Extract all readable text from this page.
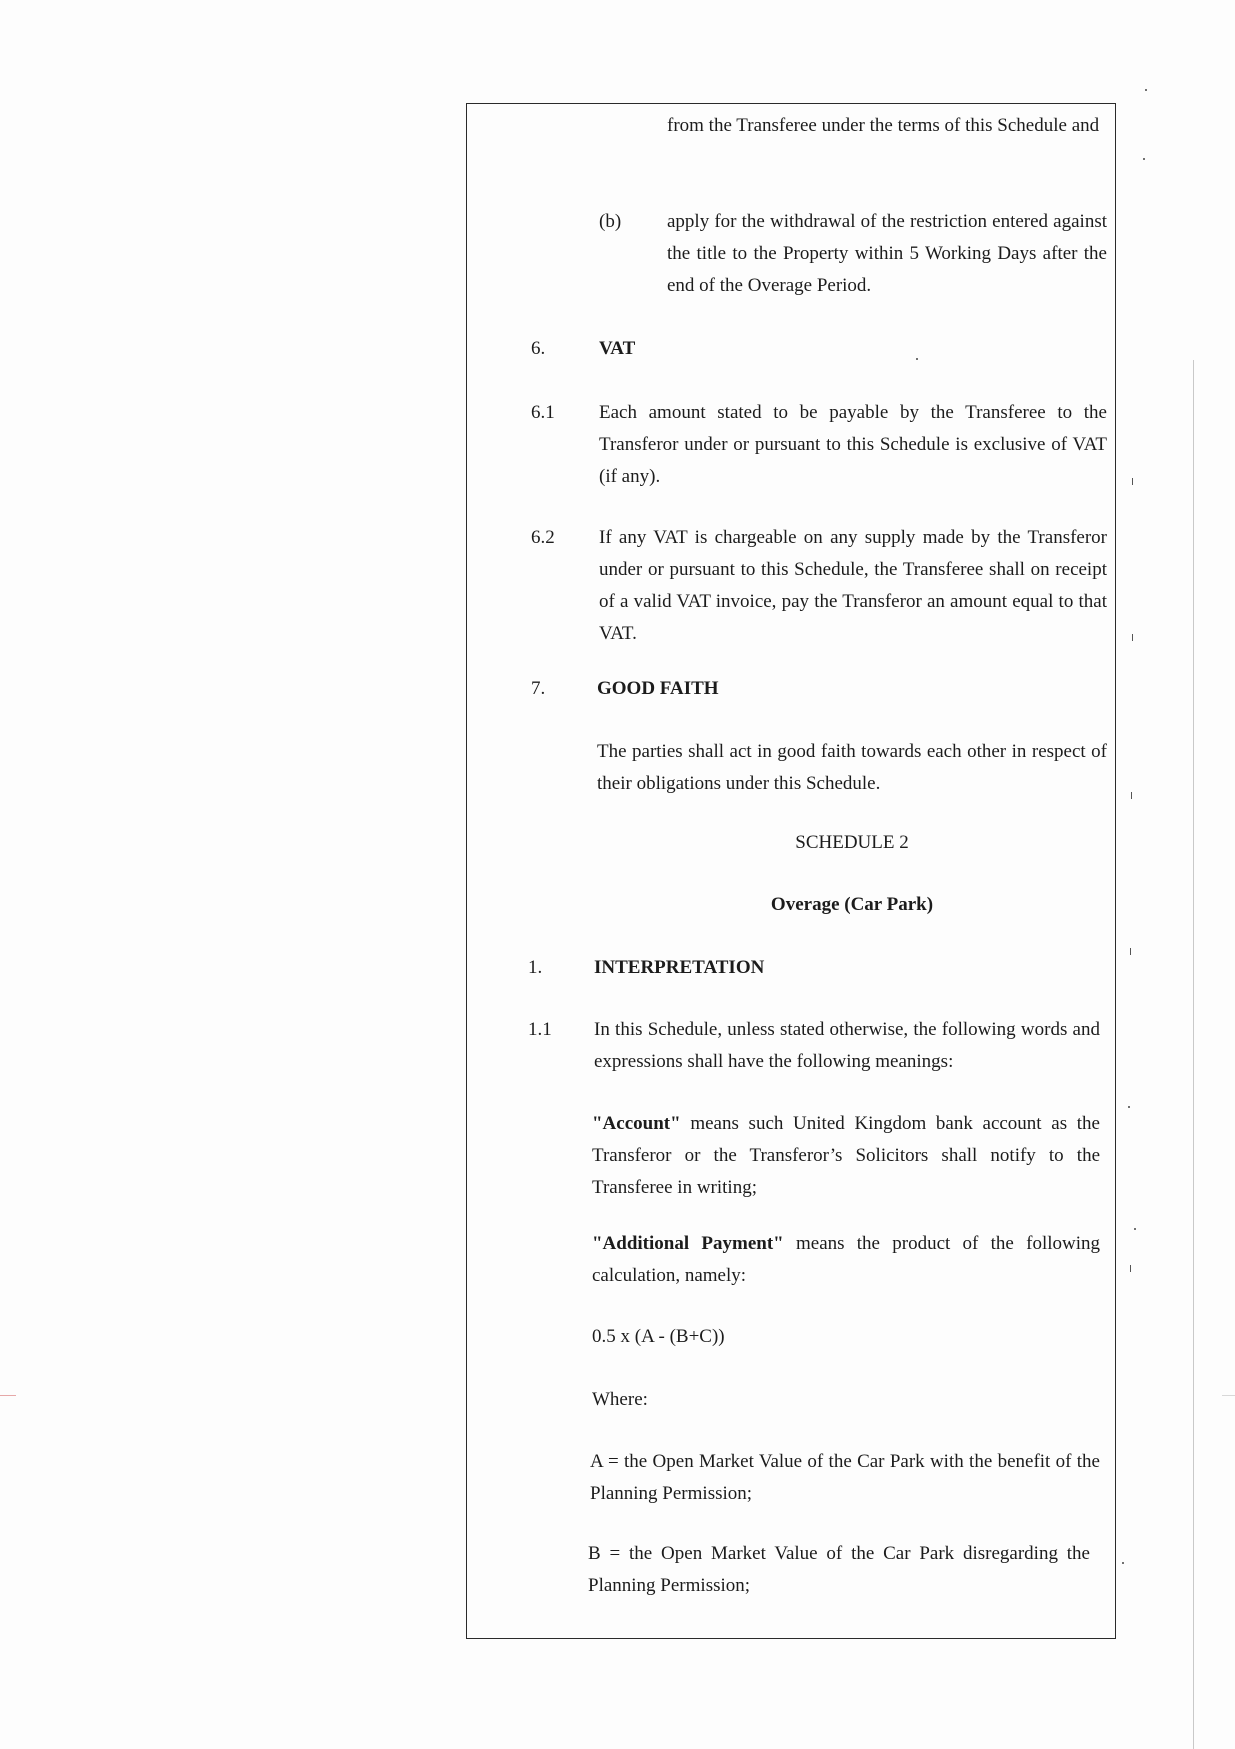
from the Transferee under the terms of this Schedule and
(b) apply for the withdrawal of the restriction entered against the title to the Property within 5 Working Days after the end of the Overage Period.
6.	VAT
6.1 Each amount stated to be payable by the Transferee to the Transferor under or pursuant to this Schedule is exclusive of VAT (if any).
6.2 If any VAT is chargeable on any supply made by the Transferor under or pursuant to this Schedule, the Transferee shall on receipt of a valid VAT invoice, pay the Transferor an amount equal to that VAT.
7.	GOOD FAITH
The parties shall act in good faith towards each other in respect of their obligations under this Schedule.
SCHEDULE 2
Overage (Car Park)
1.	INTERPRETATION
1.1 In this Schedule, unless stated otherwise, the following words and expressions shall have the following meanings:
"Account" means such United Kingdom bank account as the Transferor or the Transferor’s Solicitors shall notify to the Transferee in writing;
"Additional Payment" means the product of the following calculation, namely:
0.5 x (A - (B+C))
Where:
A = the Open Market Value of the Car Park with the benefit of the Planning Permission;
B = the Open Market Value of the Car Park disregarding the Planning Permission;
